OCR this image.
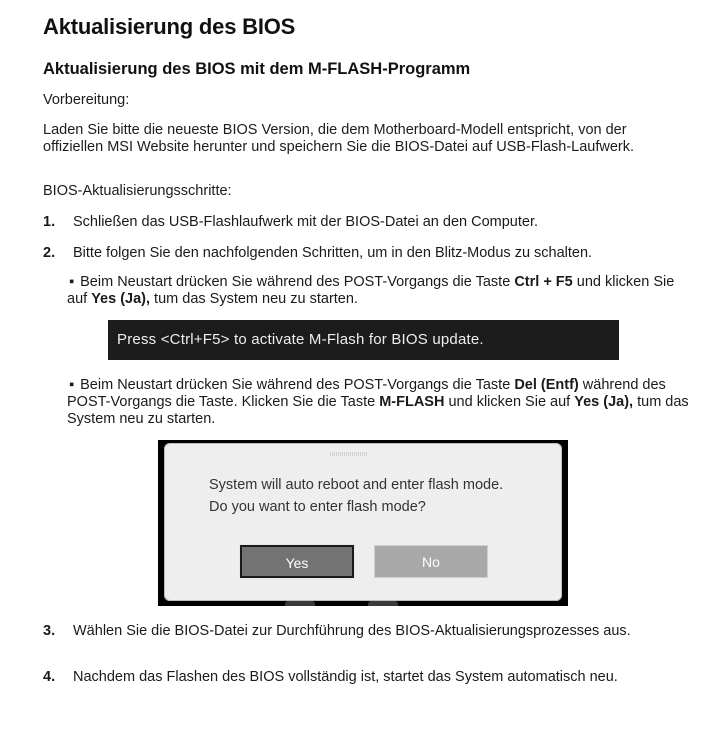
Aktualisierung des BIOS
Aktualisierung des BIOS mit dem M-FLASH-Programm
Vorbereitung:
Laden Sie bitte die neueste BIOS Version, die dem Motherboard-Modell entspricht, von der offiziellen MSI Website herunter und speichern Sie die BIOS-Datei auf USB-Flash-Laufwerk.
BIOS-Aktualisierungsschritte:
1. Schließen das USB-Flashlaufwerk mit der BIOS-Datei an den Computer.
2. Bitte folgen Sie den nachfolgenden Schritten, um in den Blitz-Modus zu schalten.
▪ Beim Neustart drücken Sie während des POST-Vorgangs die Taste Ctrl + F5 und klicken Sie auf Yes (Ja), tum das System neu zu starten.
Press <Ctrl+F5> to activate M-Flash for BIOS update.
▪ Beim Neustart drücken Sie während des POST-Vorgangs die Taste Del (Entf) während des POST-Vorgangs die Taste. Klicken Sie die Taste M-FLASH und klicken Sie auf Yes (Ja), tum das System neu zu starten.
System will auto reboot and enter flash mode.
Do you want to enter flash mode?
Yes	No
3. Wählen Sie die BIOS-Datei zur Durchführung des BIOS-Aktualisierungsprozesses aus.
4. Nachdem das Flashen des BIOS vollständig ist, startet das System automatisch neu.
